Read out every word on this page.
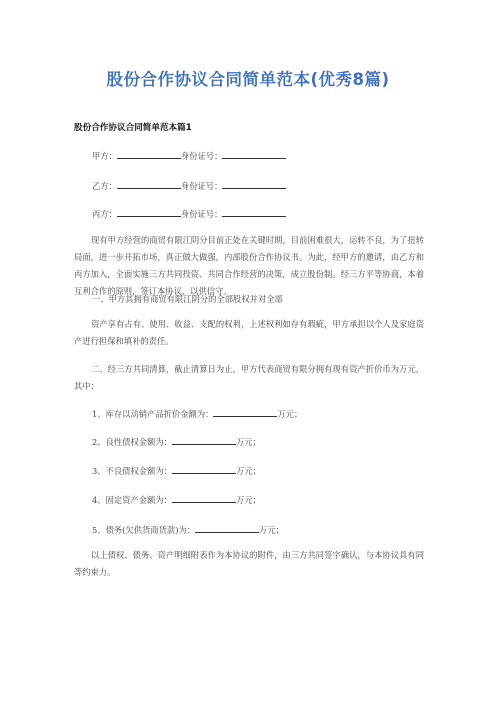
股份合作协议合同简单范本(优秀8篇)
股份合作协议合同简单范本篇1
甲方：	身份证号：
乙方：	身份证号：
丙方：	身份证号：
现有甲方经营的商贸有限江阴分目前正处在关键时期，目前困难很大，运转不良，为了扭转局面，进一步开拓市场，真正做大做强，内部股份合作协议书。为此，经甲方的邀请，由乙方和丙方加入，全面实施三方共同投资、共同合作经营的决策，成立股份制。经三方平等协商，本着互利合作的原则，签订本协议，以供信守。
一、甲方其拥有商贸有限江阴分的全部股权并对全部
资产享有占有、使用、收益、支配的权利，上述权利如存有瑕疵，甲方承担以个人及家庭资产进行担保和填补的责任。
二、经三方共同清算，截止清算日为止，甲方代表商贸有限分拥有现有资产折价币为万元，其中：
1、库存以动销产品折价金额为：	万元；
2、良性债权金额为：	万元；
3、不良债权金额为：	万元；
4、固定资产金额为：	万元；
5、债务(欠供货商货款)为：	万元；
以上债权、债务、资产明细附表作为本协议的附件，由三方共同签字确认，与本协议具有同等约束力。
